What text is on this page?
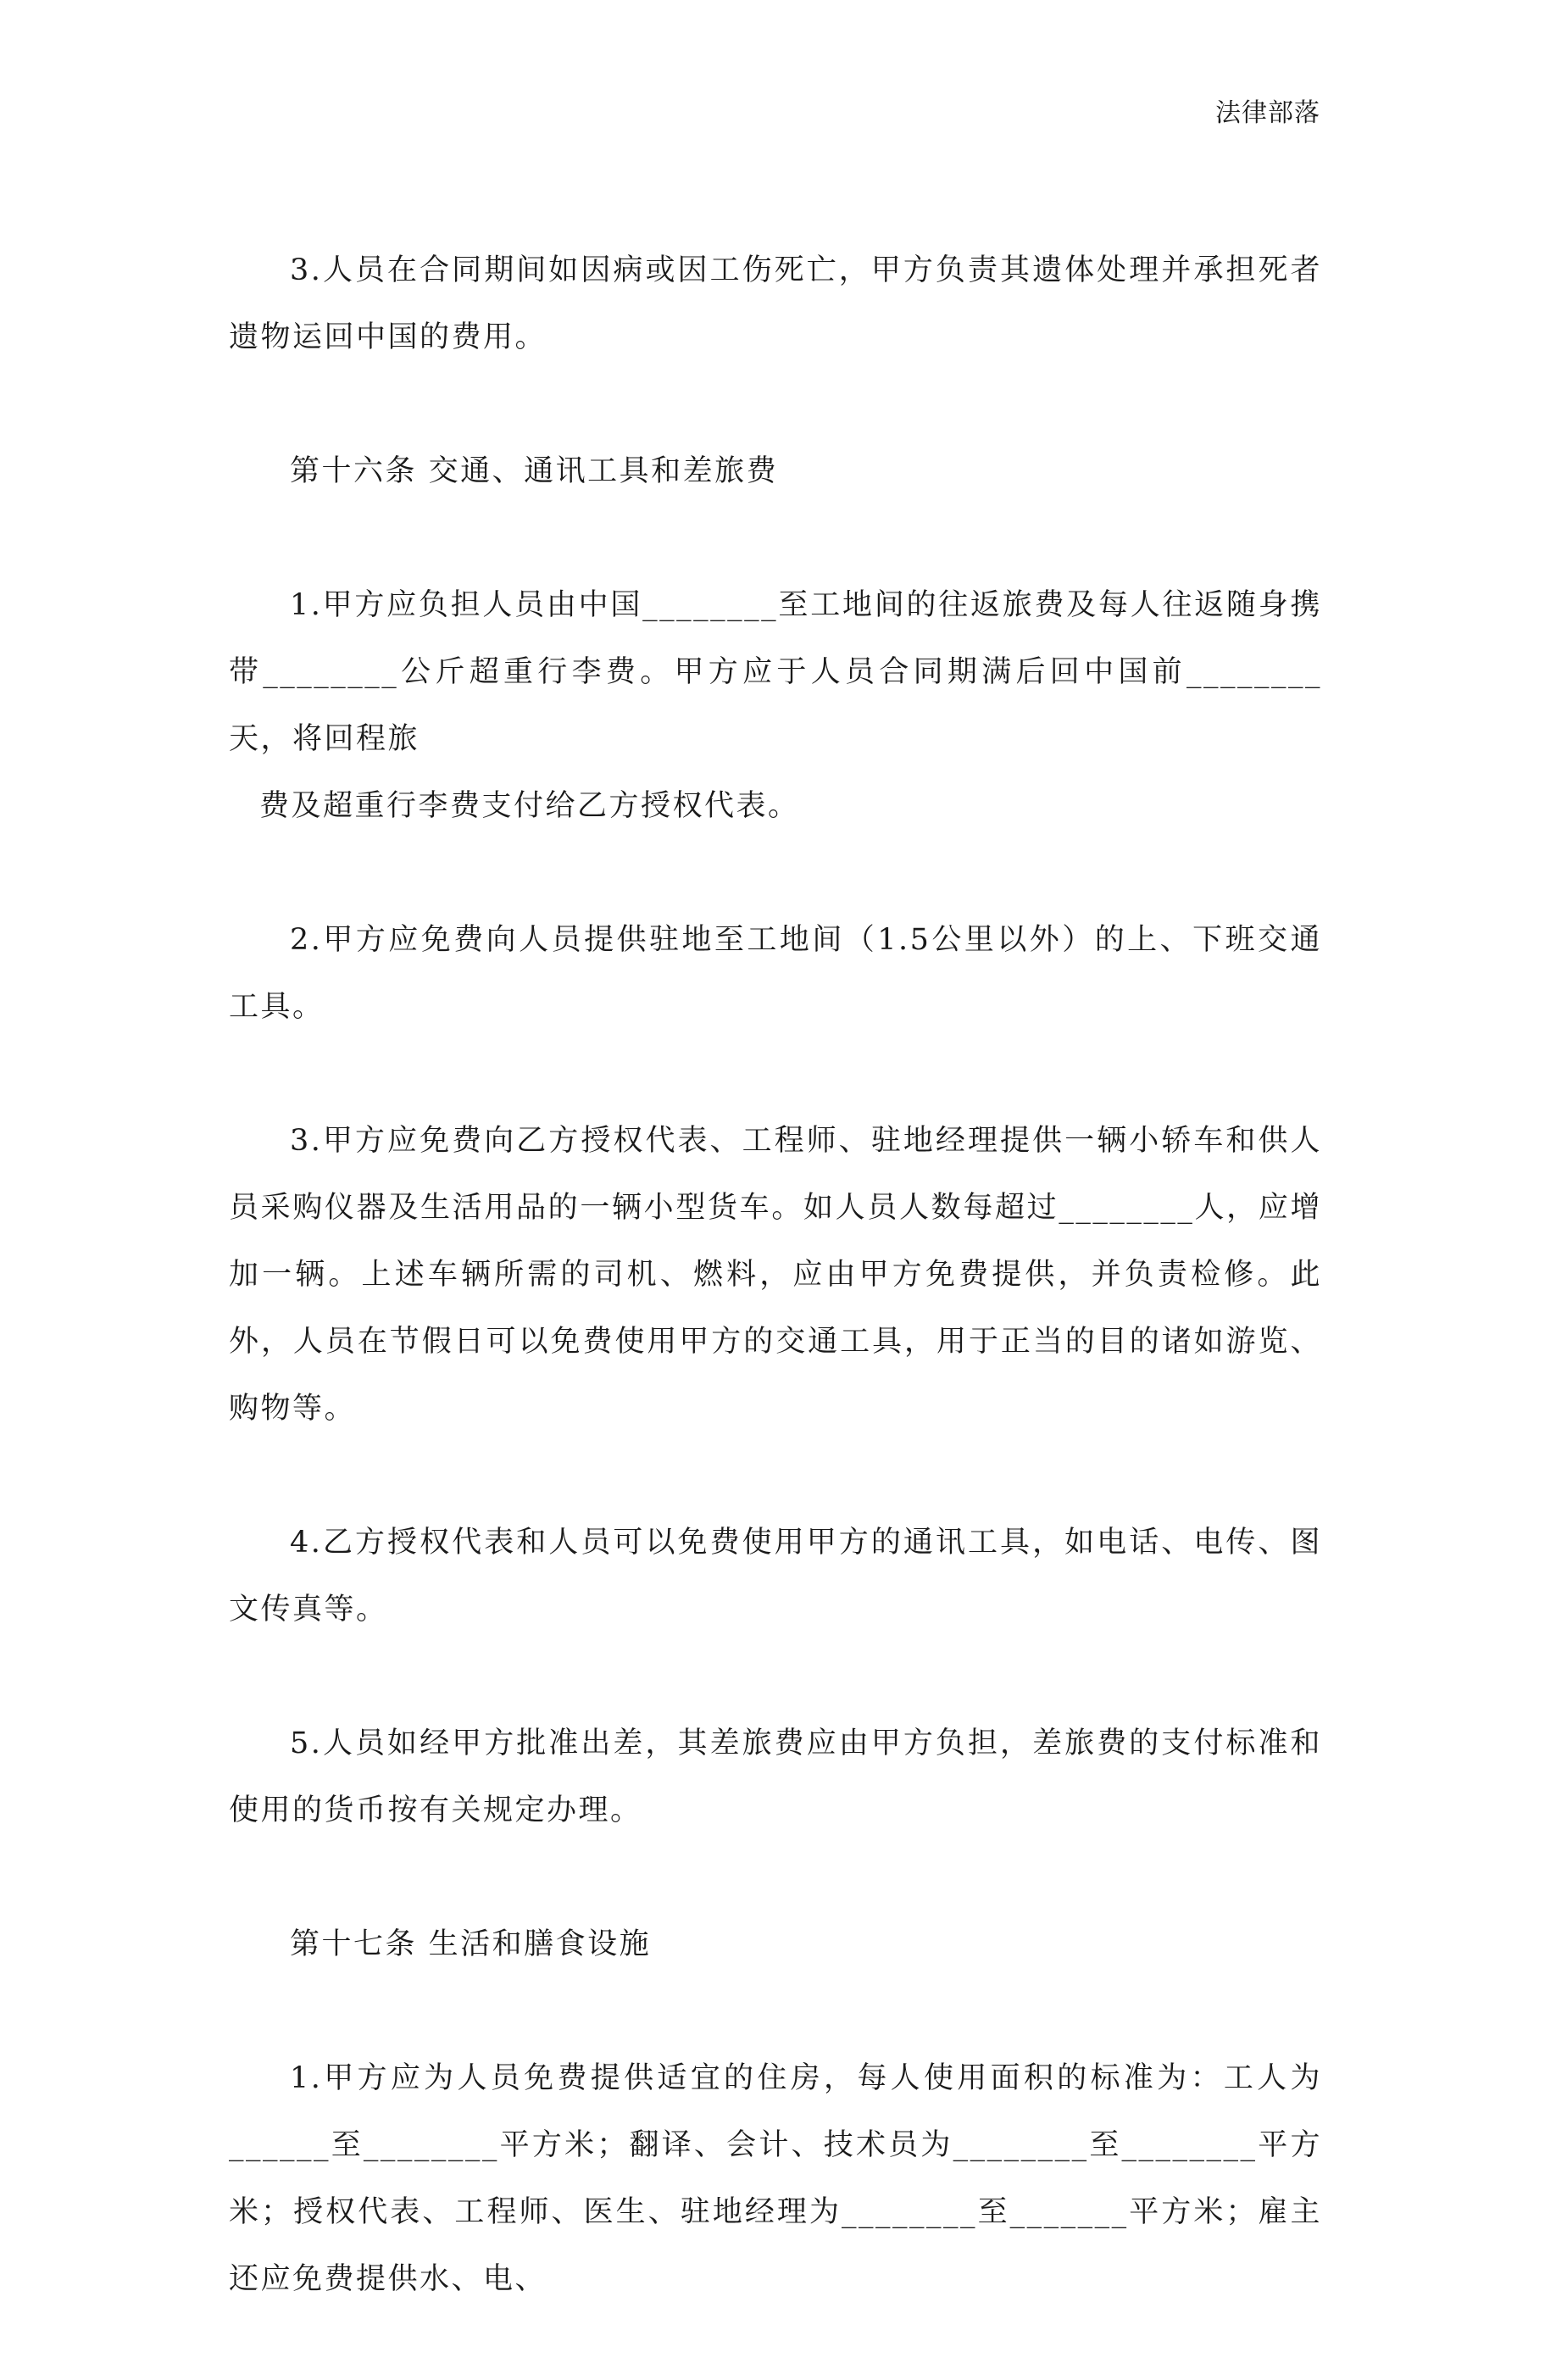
法律部落

3.人员在合同期间如因病或因工伤死亡，甲方负责其遗体处理并承担死者遗物运回中国的费用。

第十六条 交通、通讯工具和差旅费

1.甲方应负担人员由中国________至工地间的往返旅费及每人往返随身携带________公斤超重行李费。甲方应于人员合同期满后回中国前________天，将回程旅
费及超重行李费支付给乙方授权代表。

2.甲方应免费向人员提供驻地至工地间（1.5公里以外）的上、下班交通工具。

3.甲方应免费向乙方授权代表、工程师、驻地经理提供一辆小轿车和供人员采购仪器及生活用品的一辆小型货车。如人员人数每超过________人，应增加一辆。上述车辆所需的司机、燃料，应由甲方免费提供，并负责检修。此外，人员在节假日可以免费使用甲方的交通工具，用于正当的目的诸如游览、购物等。

4.乙方授权代表和人员可以免费使用甲方的通讯工具，如电话、电传、图文传真等。

5.人员如经甲方批准出差，其差旅费应由甲方负担，差旅费的支付标准和使用的货币按有关规定办理。

第十七条 生活和膳食设施

1.甲方应为人员免费提供适宜的住房，每人使用面积的标准为：工人为______至________平方米；翻译、会计、技术员为________至________平方米；授权代表、工程师、医生、驻地经理为________至_______平方米；雇主还应免费提供水、电、
